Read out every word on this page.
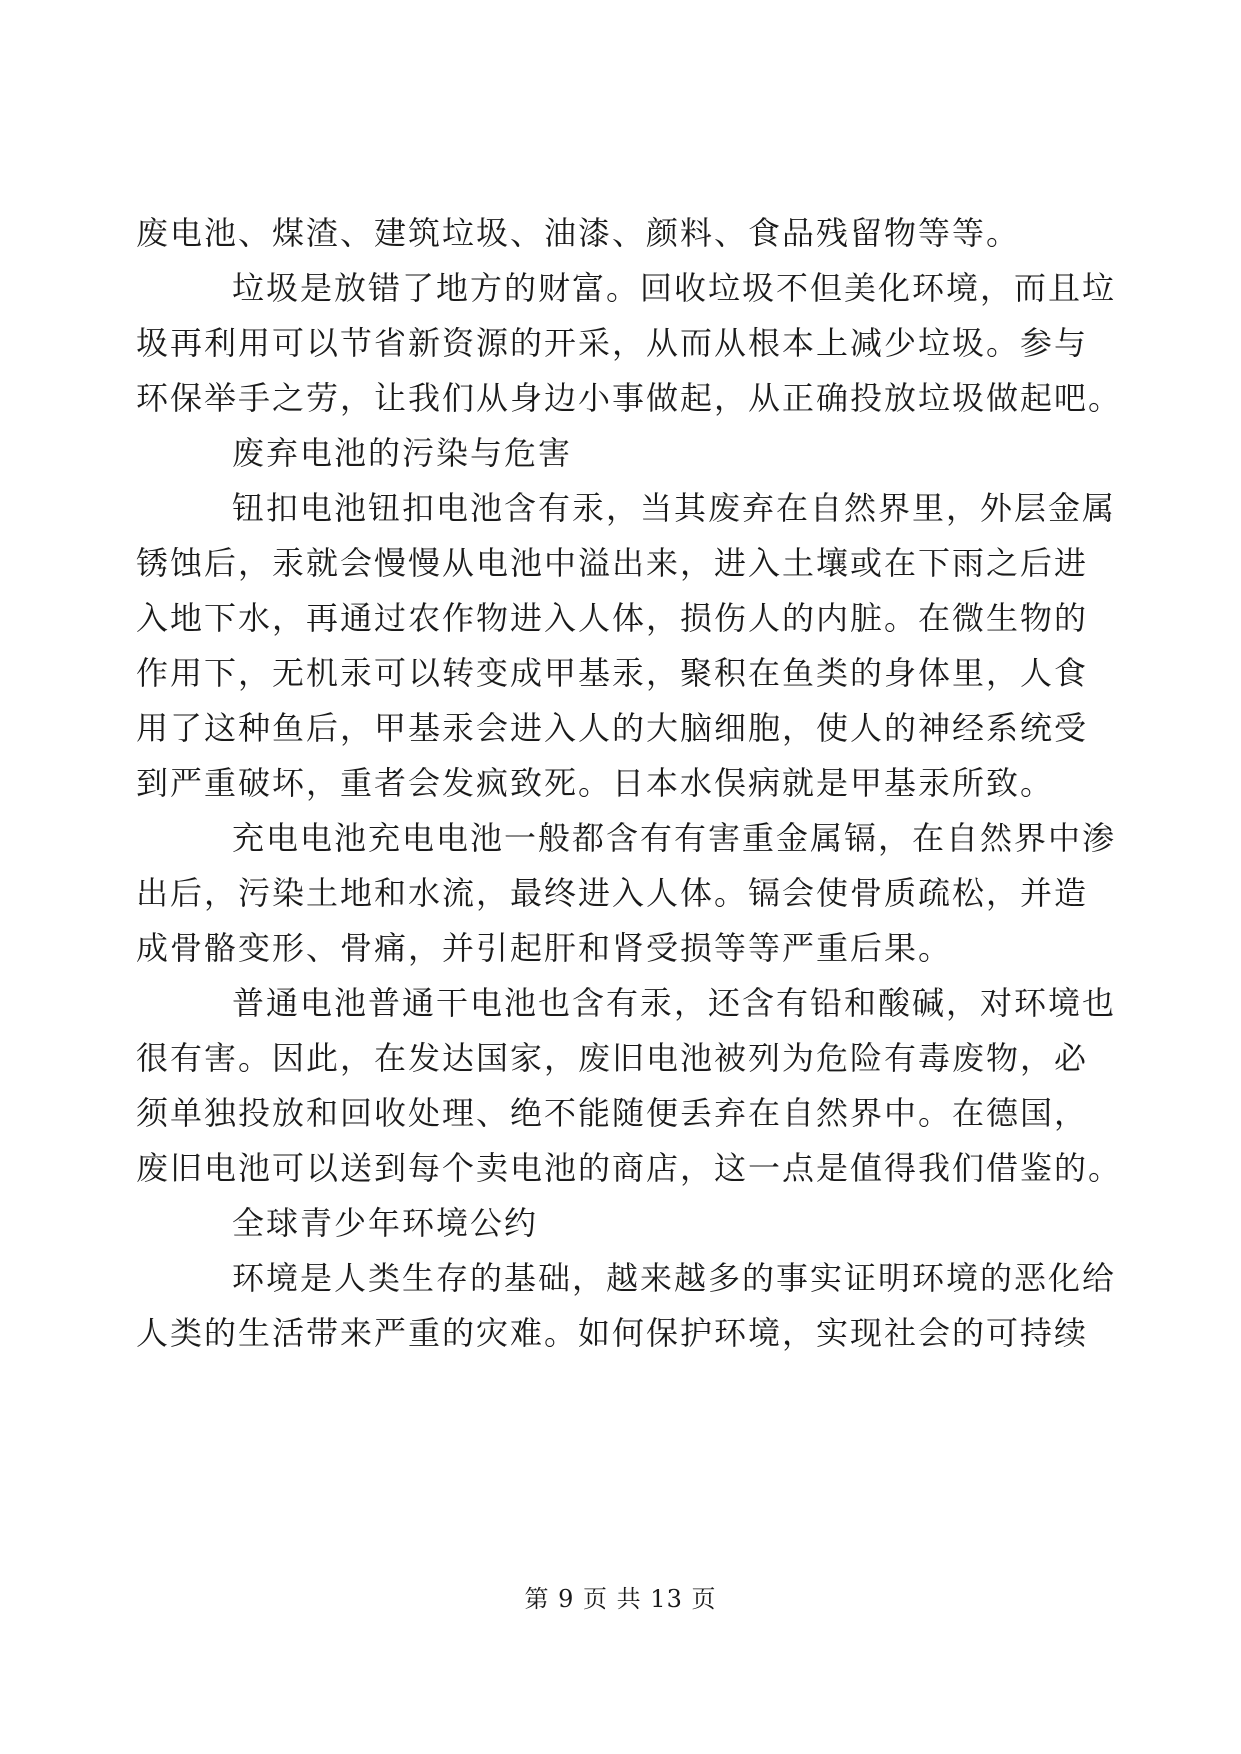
废电池、煤渣、建筑垃圾、油漆、颜料、食品残留物等等。
垃圾是放错了地方的财富。回收垃圾不但美化环境，而且垃
圾再利用可以节省新资源的开采，从而从根本上减少垃圾。参与
环保举手之劳，让我们从身边小事做起，从正确投放垃圾做起吧。
废弃电池的污染与危害
钮扣电池钮扣电池含有汞，当其废弃在自然界里，外层金属
锈蚀后，汞就会慢慢从电池中溢出来，进入土壤或在下雨之后进
入地下水，再通过农作物进入人体，损伤人的内脏。在微生物的
作用下，无机汞可以转变成甲基汞，聚积在鱼类的身体里，人食
用了这种鱼后，甲基汞会进入人的大脑细胞，使人的神经系统受
到严重破坏，重者会发疯致死。日本水俣病就是甲基汞所致。
充电电池充电电池一般都含有有害重金属镉，在自然界中渗
出后，污染土地和水流，最终进入人体。镉会使骨质疏松，并造
成骨骼变形、骨痛，并引起肝和肾受损等等严重后果。
普通电池普通干电池也含有汞，还含有铅和酸碱，对环境也
很有害。因此，在发达国家，废旧电池被列为危险有毒废物，必
须单独投放和回收处理、绝不能随便丢弃在自然界中。在德国，
废旧电池可以送到每个卖电池的商店，这一点是值得我们借鉴的。
全球青少年环境公约
环境是人类生存的基础，越来越多的事实证明环境的恶化给
人类的生活带来严重的灾难。如何保护环境，实现社会的可持续
第 9 页 共 13 页
